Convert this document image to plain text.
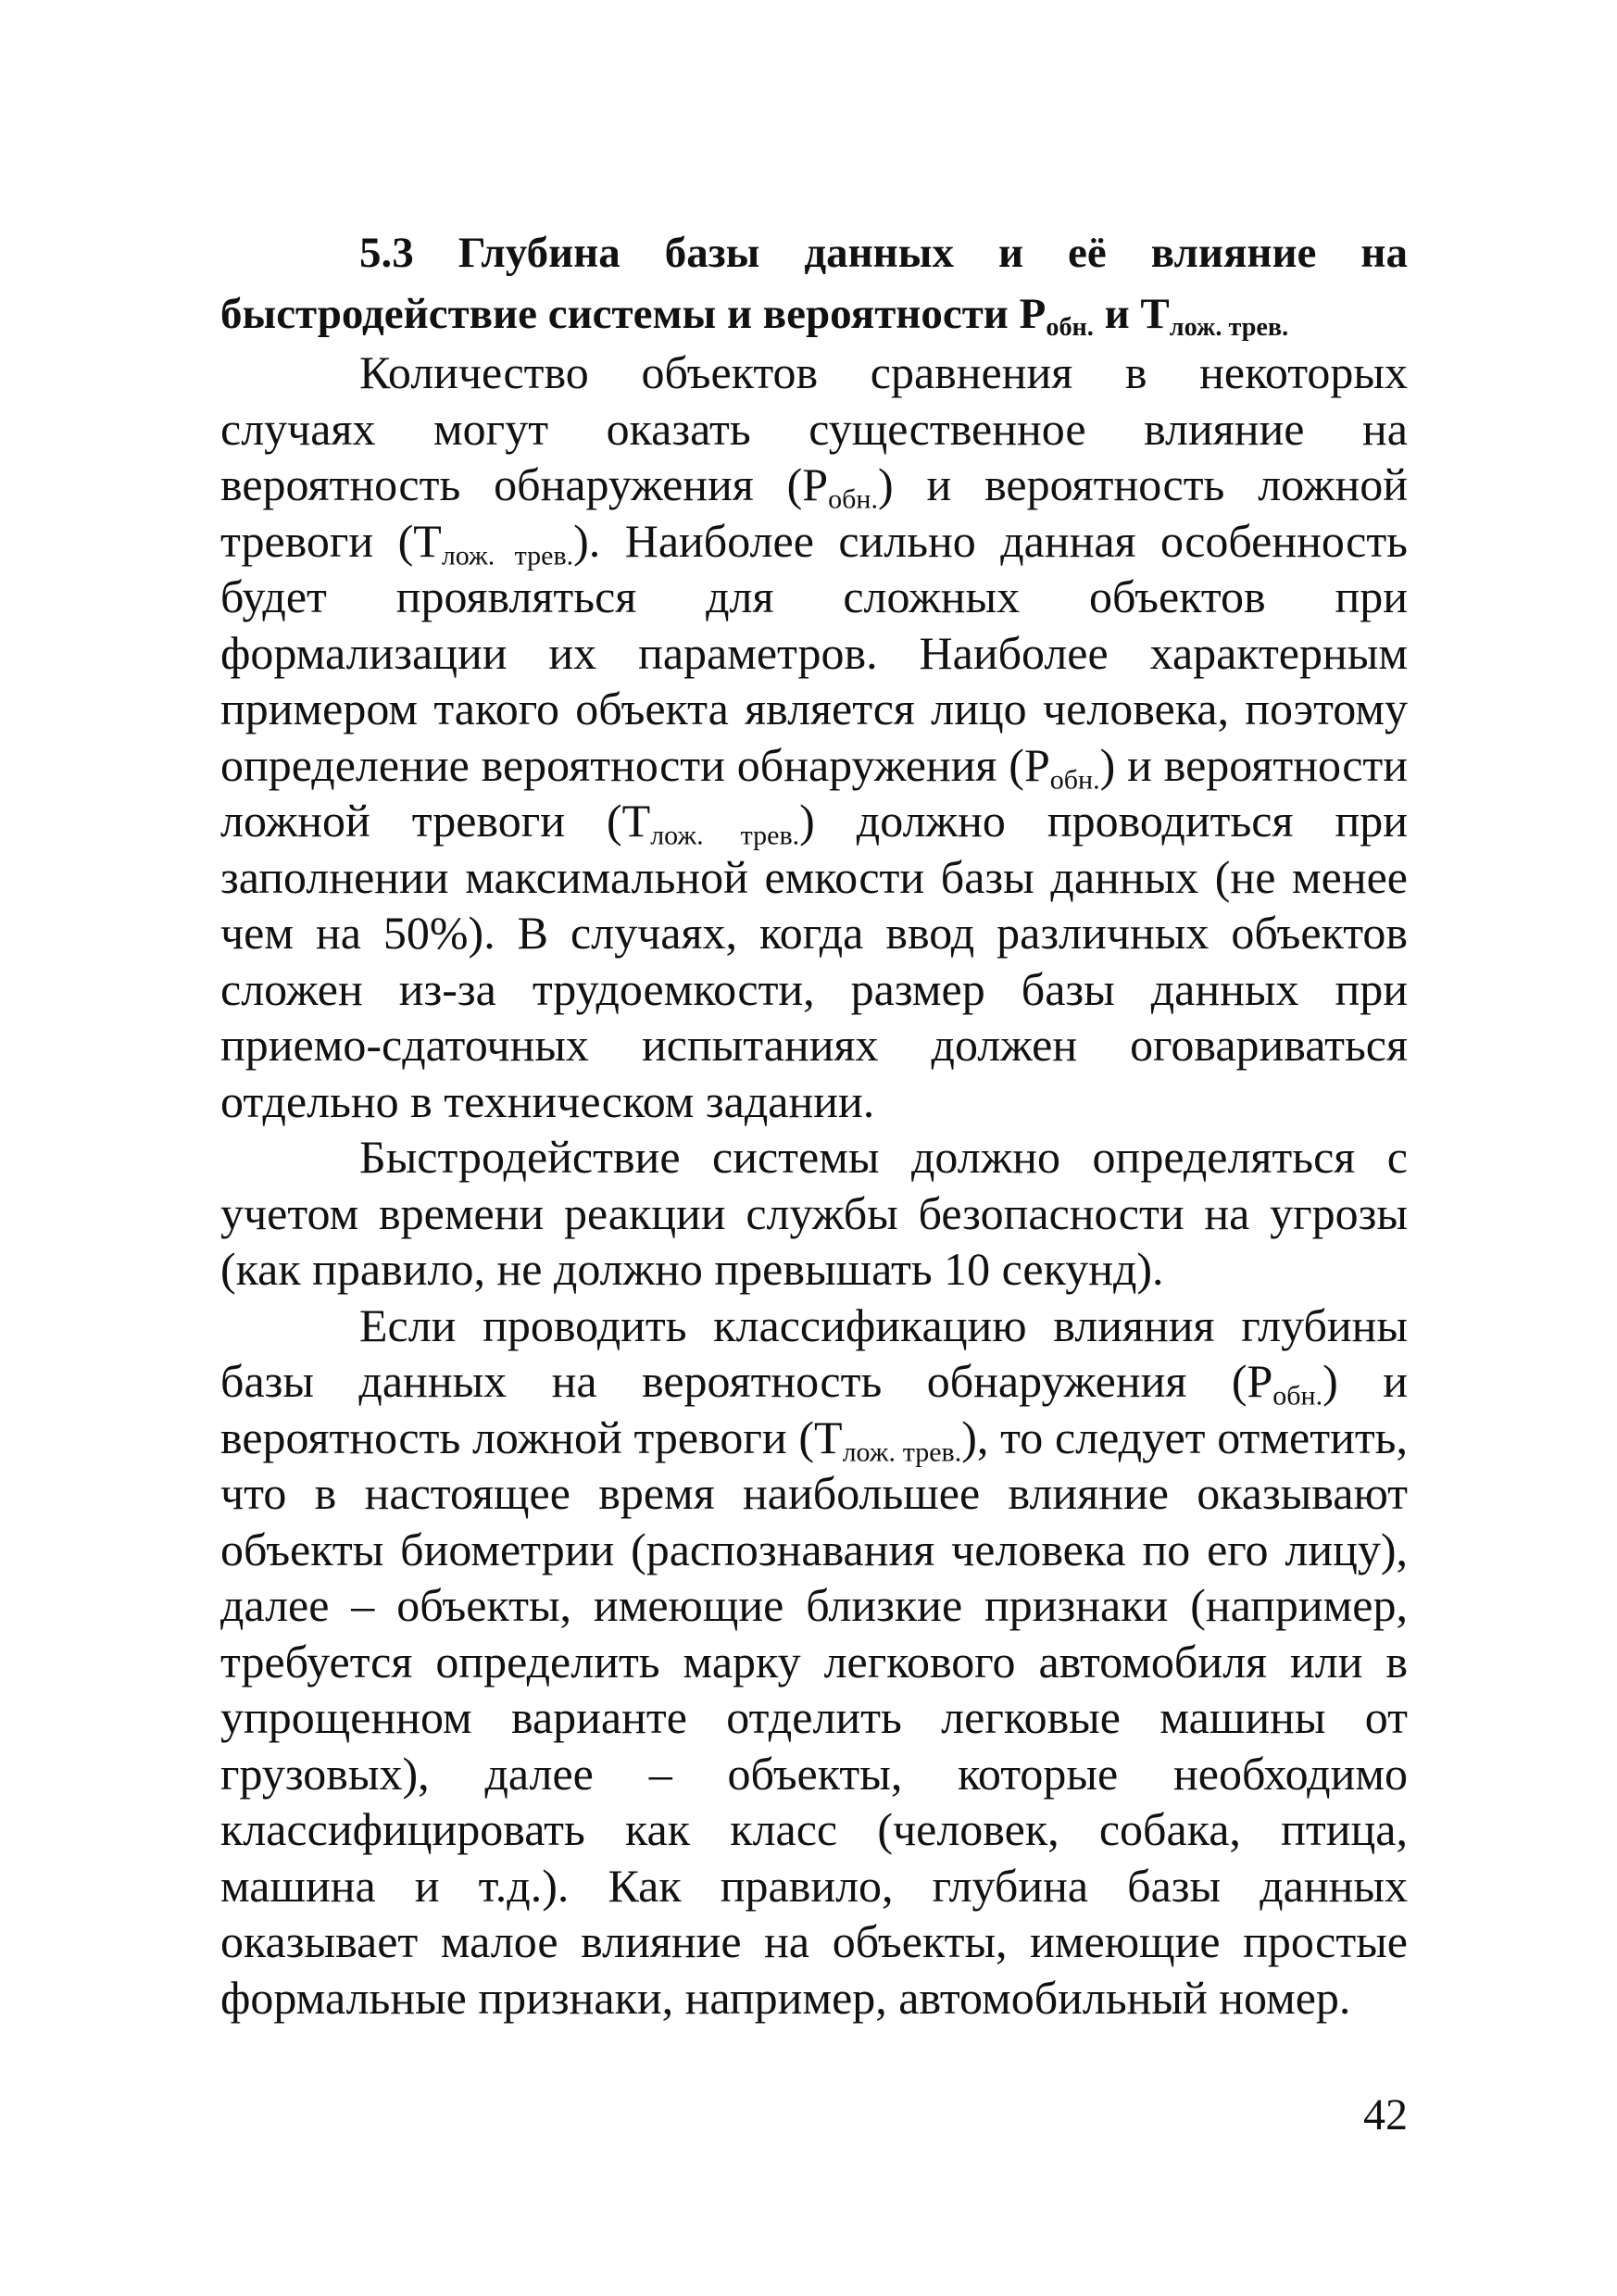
5.3 Глубина базы данных и её влияние на быстродействие системы и вероятности $P_{обн.}$ и $T_{лож. трев.}$

Количество объектов сравнения в некоторых случаях могут оказать существенное влияние на вероятность обнаружения $(P_{обн.})$ и вероятность ложной тревоги $(T_{лож. трев.})$. Наиболее сильно данная особенность будет проявляться для сложных объектов при формализации их параметров. Наиболее характерным примером такого объекта является лицо человека, поэтому определение вероятности обнаружения $(P_{обн.})$ и вероятности ложной тревоги $(T_{лож. трев.})$ должно проводиться при заполнении максимальной емкости базы данных (не менее чем на 50%). В случаях, когда ввод различных объектов сложен из-за трудоемкости, размер базы данных при приемо-сдаточных испытаниях должен оговариваться отдельно в техническом задании.

Быстродействие системы должно определяться с учетом времени реакции службы безопасности на угрозы (как правило, не должно превышать 10 секунд).

Если проводить классификацию влияния глубины базы данных на вероятность обнаружения $(P_{обн.})$ и вероятность ложной тревоги $(T_{лож. трев.})$, то следует отметить, что в настоящее время наибольшее влияние оказывают объекты биометрии (распознавания человека по его лицу), далее – объекты, имеющие близкие признаки (например, требуется определить марку легкового автомобиля или в упрощенном варианте отделить легковые машины от грузовых), далее – объекты, которые необходимо классифицировать как класс (человек, собака, птица, машина и т.д.). Как правило, глубина базы данных оказывает малое влияние на объекты, имеющие простые формальные признаки, например, автомобильный номер.

42
